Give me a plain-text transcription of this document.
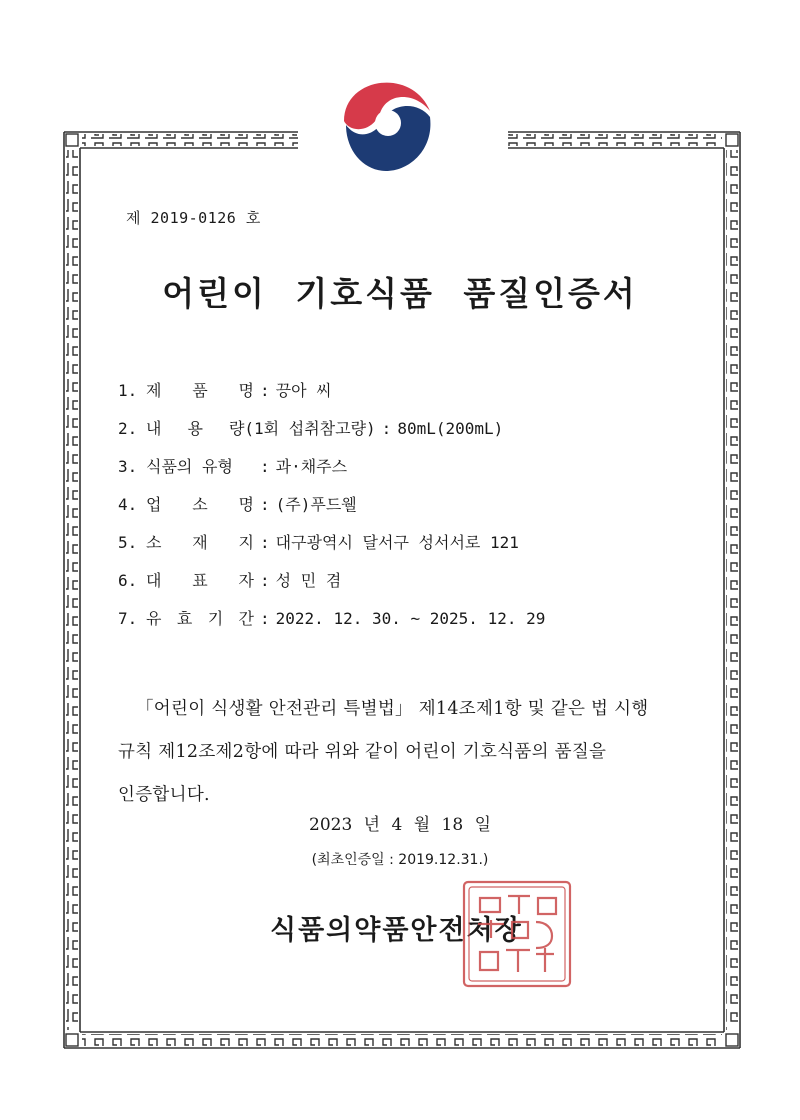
제 2019-0126 호
어린이 기호식품 품질인증서
1. 제 품 명 : 끙아 씨
2. 내 용 량(1회 섭취참고량) : 80mL(200mL)
3. 식품의 유형 : 과·채주스
4. 업 소 명 : (주)푸드웰
5. 소 재 지 : 대구광역시 달서구 성서서로 121
6. 대 표 자 : 성 민 겸
7. 유 효 기 간 : 2022. 12. 30. ~ 2025. 12. 29

「어린이 식생활 안전관리 특별법」 제14조제1항 및 같은 법 시행

규칙 제12조제2항에 따라 위와 같이 어린이 기호식품의 품질을

인증합니다.

2023 년 4 월 18 일
(최초인증일 : 2019.12.31.)
식품의약품안전처장
